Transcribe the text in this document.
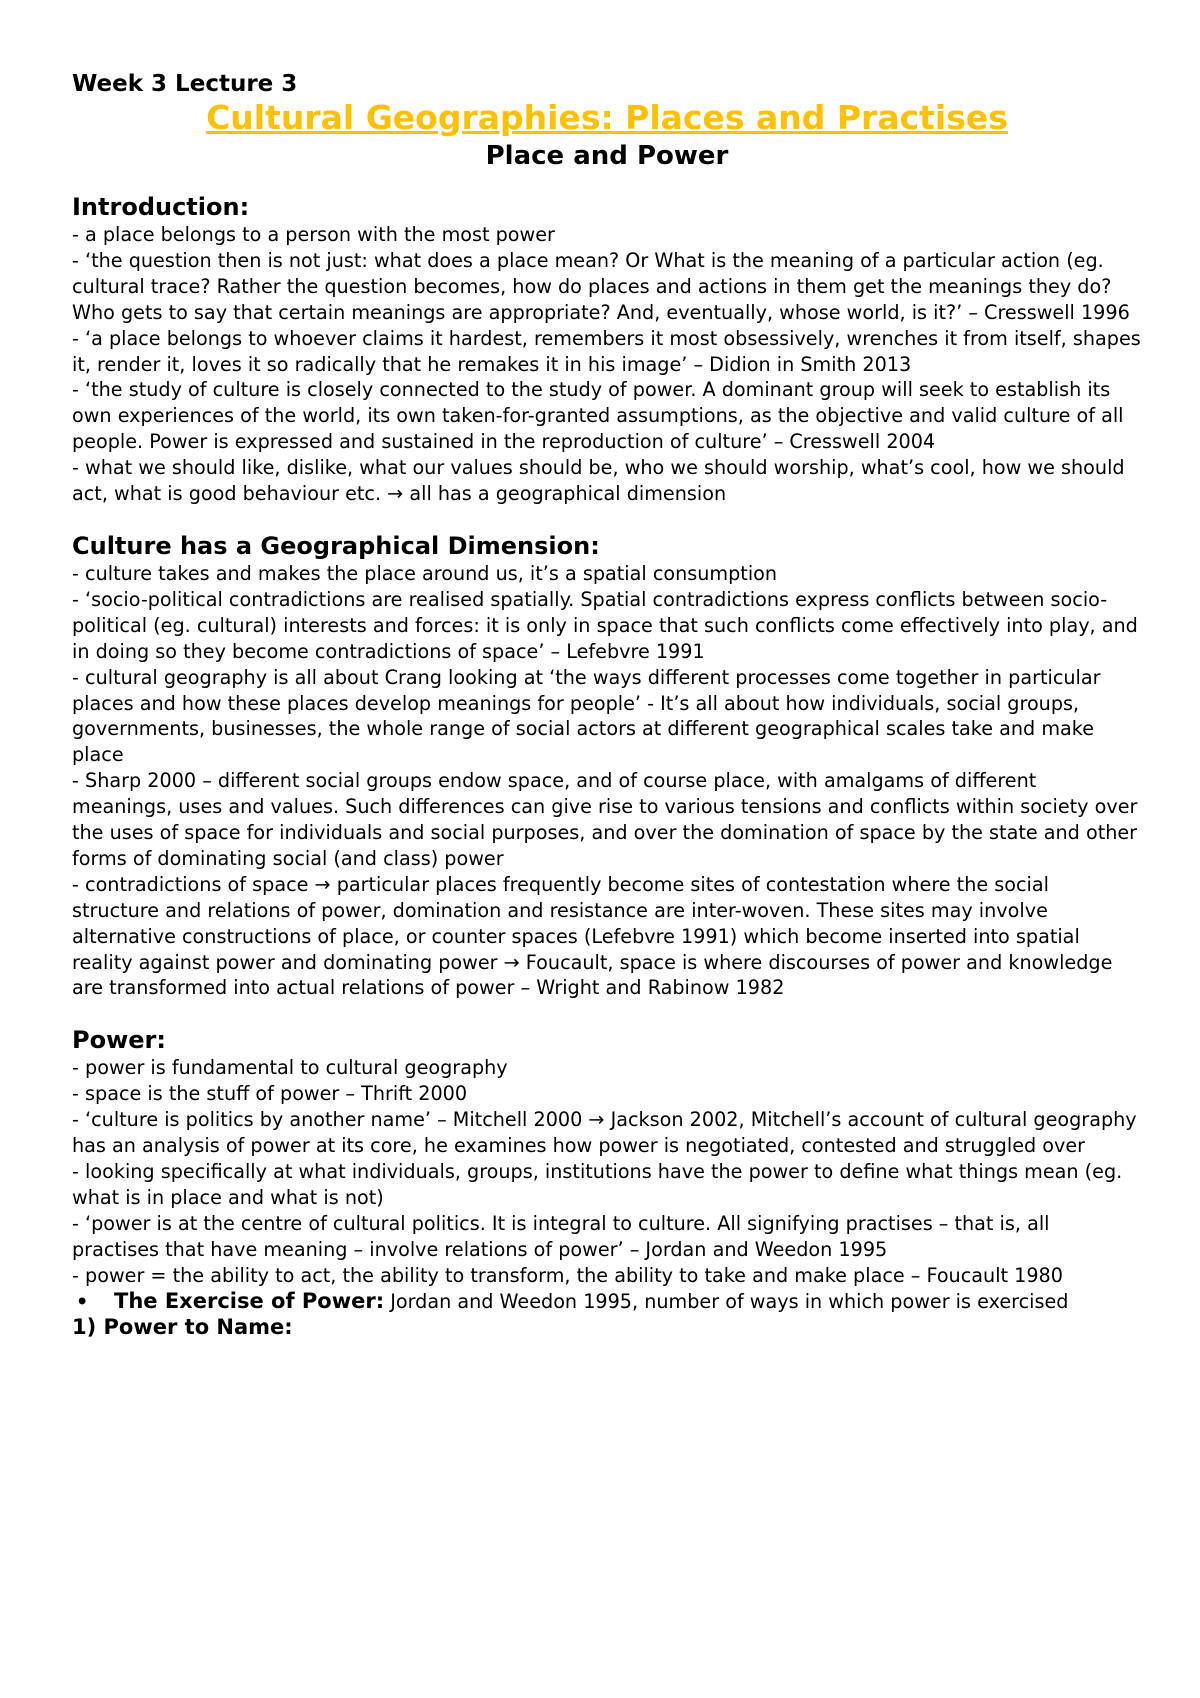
Week 3 Lecture 3

Cultural Geographies: Places and Practises

Place and Power

Introduction:

- a place belongs to a person with the most power

- ‘the question then is not just: what does a place mean? Or What is the meaning of a particular action (eg. cultural trace? Rather the question becomes, how do places and actions in them get the meanings they do? Who gets to say that certain meanings are appropriate? And, eventually, whose world, is it?’ – Cresswell 1996

- ‘a place belongs to whoever claims it hardest, remembers it most obsessively, wrenches it from itself, shapes it, render it, loves it so radically that he remakes it in his image’ – Didion in Smith 2013

- ‘the study of culture is closely connected to the study of power. A dominant group will seek to establish its own experiences of the world, its own taken-for-granted assumptions, as the objective and valid culture of all people. Power is expressed and sustained in the reproduction of culture’ – Cresswell 2004

- what we should like, dislike, what our values should be, who we should worship, what’s cool, how we should act, what is good behaviour etc. → all has a geographical dimension

Culture has a Geographical Dimension:

- culture takes and makes the place around us, it’s a spatial consumption

- ‘socio-political contradictions are realised spatially. Spatial contradictions express conflicts between socio-political (eg. cultural) interests and forces: it is only in space that such conflicts come effectively into play, and in doing so they become contradictions of space’ – Lefebvre 1991

- cultural geography is all about Crang looking at ‘the ways different processes come together in particular places and how these places develop meanings for people’ - It’s all about how individuals, social groups, governments, businesses, the whole range of social actors at different geographical scales take and make place

- Sharp 2000 – different social groups endow space, and of course place, with amalgams of different meanings, uses and values. Such differences can give rise to various tensions and conflicts within society over the uses of space for individuals and social purposes, and over the domination of space by the state and other forms of dominating social (and class) power

- contradictions of space → particular places frequently become sites of contestation where the social structure and relations of power, domination and resistance are inter-woven. These sites may involve alternative constructions of place, or counter spaces (Lefebvre 1991) which become inserted into spatial reality against power and dominating power → Foucault, space is where discourses of power and knowledge are transformed into actual relations of power – Wright and Rabinow 1982

Power:

- power is fundamental to cultural geography

- space is the stuff of power – Thrift 2000

- ‘culture is politics by another name’ – Mitchell 2000 → Jackson 2002, Mitchell’s account of cultural geography has an analysis of power at its core, he examines how power is negotiated, contested and struggled over

- looking specifically at what individuals, groups, institutions have the power to define what things mean (eg. what is in place and what is not)

- ‘power is at the centre of cultural politics. It is integral to culture. All signifying practises – that is, all practises that have meaning – involve relations of power’ – Jordan and Weedon 1995

- power = the ability to act, the ability to transform, the ability to take and make place – Foucault 1980

•	The Exercise of Power: Jordan and Weedon 1995, number of ways in which power is exercised

1) Power to Name:
